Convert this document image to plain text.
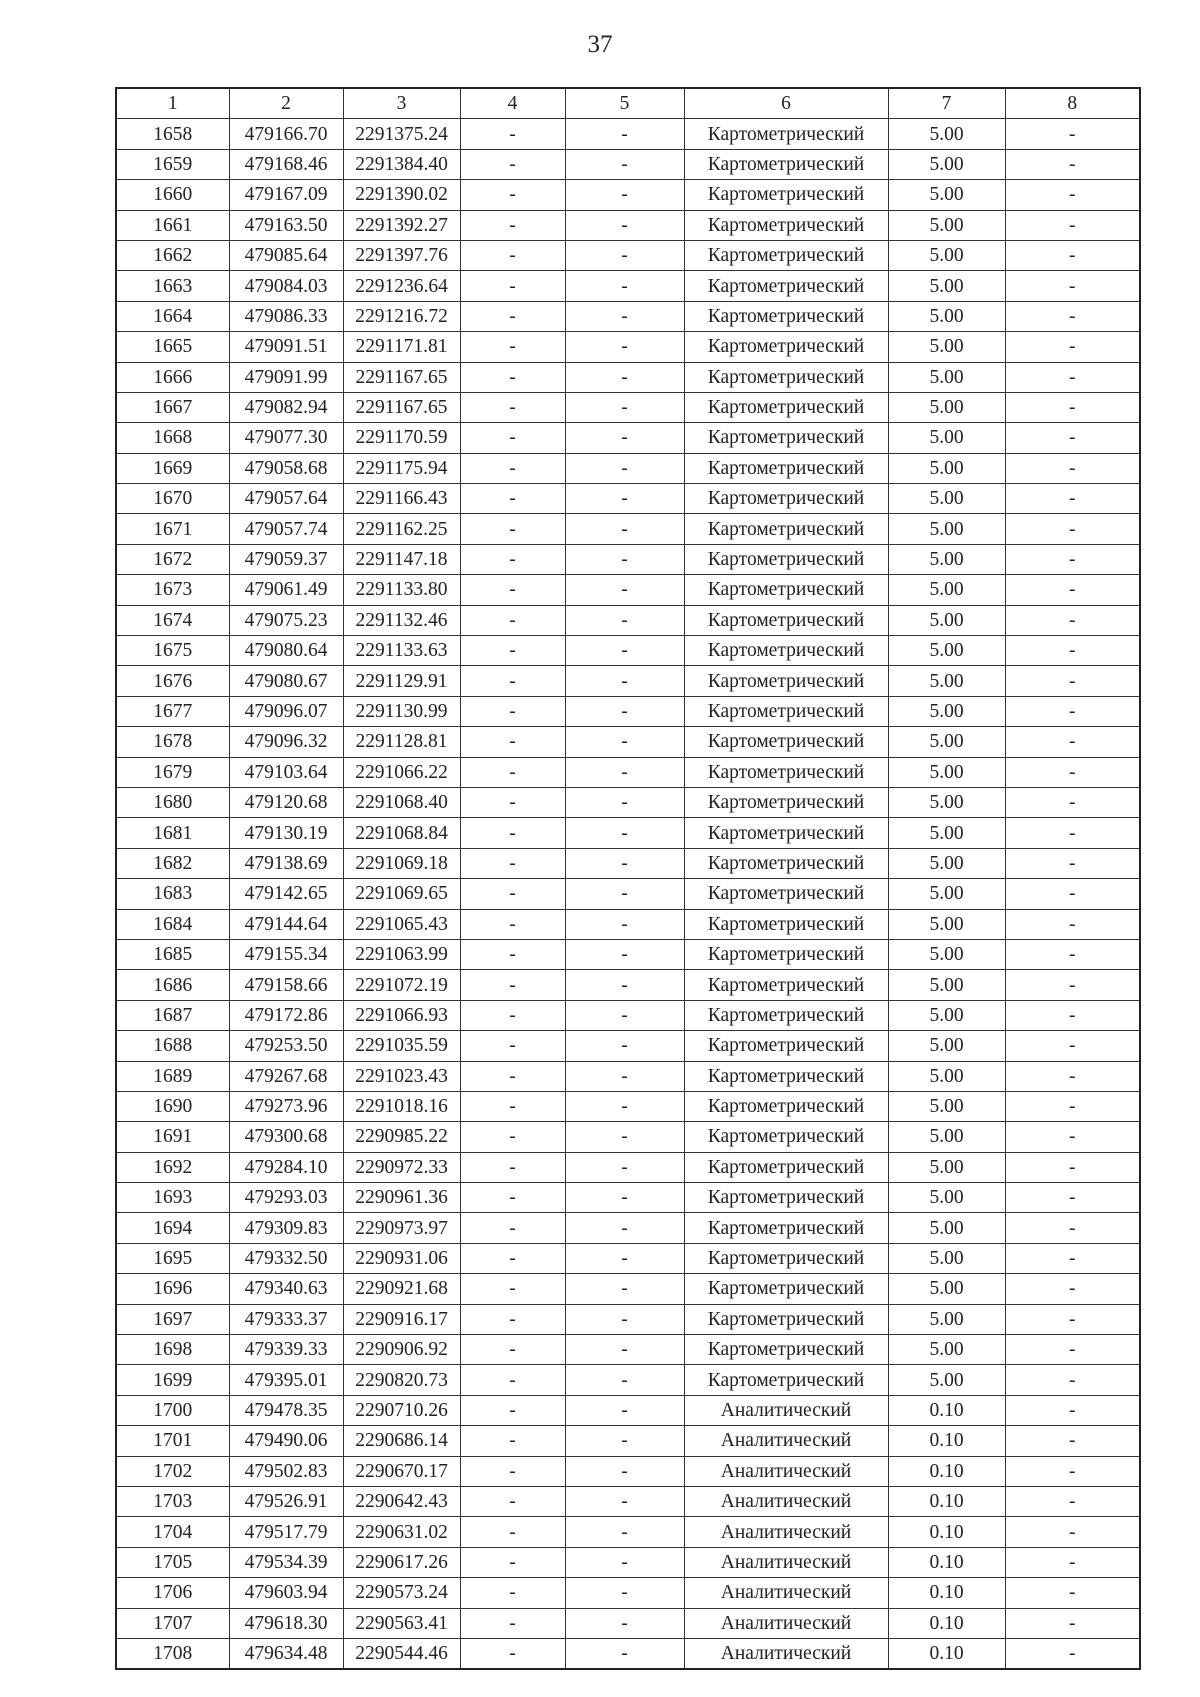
37
1	2	3	4	5	6	7	8
1658	479166.70	2291375.24	-	-	Картометрический	5.00	-
1659	479168.46	2291384.40	-	-	Картометрический	5.00	-
1660	479167.09	2291390.02	-	-	Картометрический	5.00	-
1661	479163.50	2291392.27	-	-	Картометрический	5.00	-
1662	479085.64	2291397.76	-	-	Картометрический	5.00	-
1663	479084.03	2291236.64	-	-	Картометрический	5.00	-
1664	479086.33	2291216.72	-	-	Картометрический	5.00	-
1665	479091.51	2291171.81	-	-	Картометрический	5.00	-
1666	479091.99	2291167.65	-	-	Картометрический	5.00	-
1667	479082.94	2291167.65	-	-	Картометрический	5.00	-
1668	479077.30	2291170.59	-	-	Картометрический	5.00	-
1669	479058.68	2291175.94	-	-	Картометрический	5.00	-
1670	479057.64	2291166.43	-	-	Картометрический	5.00	-
1671	479057.74	2291162.25	-	-	Картометрический	5.00	-
1672	479059.37	2291147.18	-	-	Картометрический	5.00	-
1673	479061.49	2291133.80	-	-	Картометрический	5.00	-
1674	479075.23	2291132.46	-	-	Картометрический	5.00	-
1675	479080.64	2291133.63	-	-	Картометрический	5.00	-
1676	479080.67	2291129.91	-	-	Картометрический	5.00	-
1677	479096.07	2291130.99	-	-	Картометрический	5.00	-
1678	479096.32	2291128.81	-	-	Картометрический	5.00	-
1679	479103.64	2291066.22	-	-	Картометрический	5.00	-
1680	479120.68	2291068.40	-	-	Картометрический	5.00	-
1681	479130.19	2291068.84	-	-	Картометрический	5.00	-
1682	479138.69	2291069.18	-	-	Картометрический	5.00	-
1683	479142.65	2291069.65	-	-	Картометрический	5.00	-
1684	479144.64	2291065.43	-	-	Картометрический	5.00	-
1685	479155.34	2291063.99	-	-	Картометрический	5.00	-
1686	479158.66	2291072.19	-	-	Картометрический	5.00	-
1687	479172.86	2291066.93	-	-	Картометрический	5.00	-
1688	479253.50	2291035.59	-	-	Картометрический	5.00	-
1689	479267.68	2291023.43	-	-	Картометрический	5.00	-
1690	479273.96	2291018.16	-	-	Картометрический	5.00	-
1691	479300.68	2290985.22	-	-	Картометрический	5.00	-
1692	479284.10	2290972.33	-	-	Картометрический	5.00	-
1693	479293.03	2290961.36	-	-	Картометрический	5.00	-
1694	479309.83	2290973.97	-	-	Картометрический	5.00	-
1695	479332.50	2290931.06	-	-	Картометрический	5.00	-
1696	479340.63	2290921.68	-	-	Картометрический	5.00	-
1697	479333.37	2290916.17	-	-	Картометрический	5.00	-
1698	479339.33	2290906.92	-	-	Картометрический	5.00	-
1699	479395.01	2290820.73	-	-	Картометрический	5.00	-
1700	479478.35	2290710.26	-	-	Аналитический	0.10	-
1701	479490.06	2290686.14	-	-	Аналитический	0.10	-
1702	479502.83	2290670.17	-	-	Аналитический	0.10	-
1703	479526.91	2290642.43	-	-	Аналитический	0.10	-
1704	479517.79	2290631.02	-	-	Аналитический	0.10	-
1705	479534.39	2290617.26	-	-	Аналитический	0.10	-
1706	479603.94	2290573.24	-	-	Аналитический	0.10	-
1707	479618.30	2290563.41	-	-	Аналитический	0.10	-
1708	479634.48	2290544.46	-	-	Аналитический	0.10	-
